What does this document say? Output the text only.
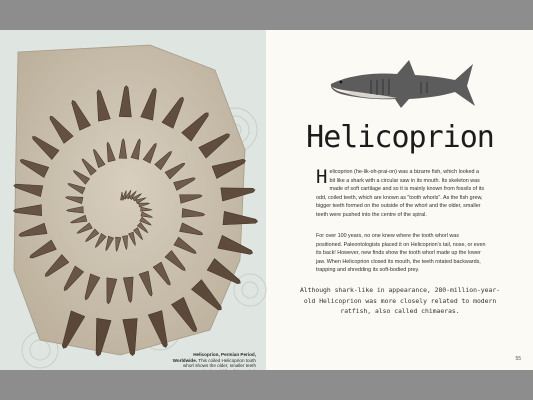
Helicoprion, Permian Period, Worldwide. This coiled Helicoprion tooth whorl shows the older, smaller teeth
Helicoprion
Helicoprion (he-lik-oh-prai-on) was a bizarre fish, which looked a bit like a shark with a circular saw in its mouth. Its skeleton was made of soft cartilage and so it is mainly known from fossils of its odd, coiled teeth, which are known as "tooth whorls". As the fish grew, bigger teeth formed on the outside of the whorl and the older, smaller teeth were pushed into the centre of the spiral.
For over 100 years, no one knew where the tooth whorl was positioned. Paleontologists placed it on Helicoprion's tail, nose, or even its back! However, new finds show the tooth whorl made up the lower jaw. When Helicoprion closed its mouth, the teeth rotated backwards, trapping and shredding its soft-bodied prey.
Although shark-like in appearance, 280-million-year-old Helicoprion was more closely related to modern ratfish, also called chimaeras.
55
